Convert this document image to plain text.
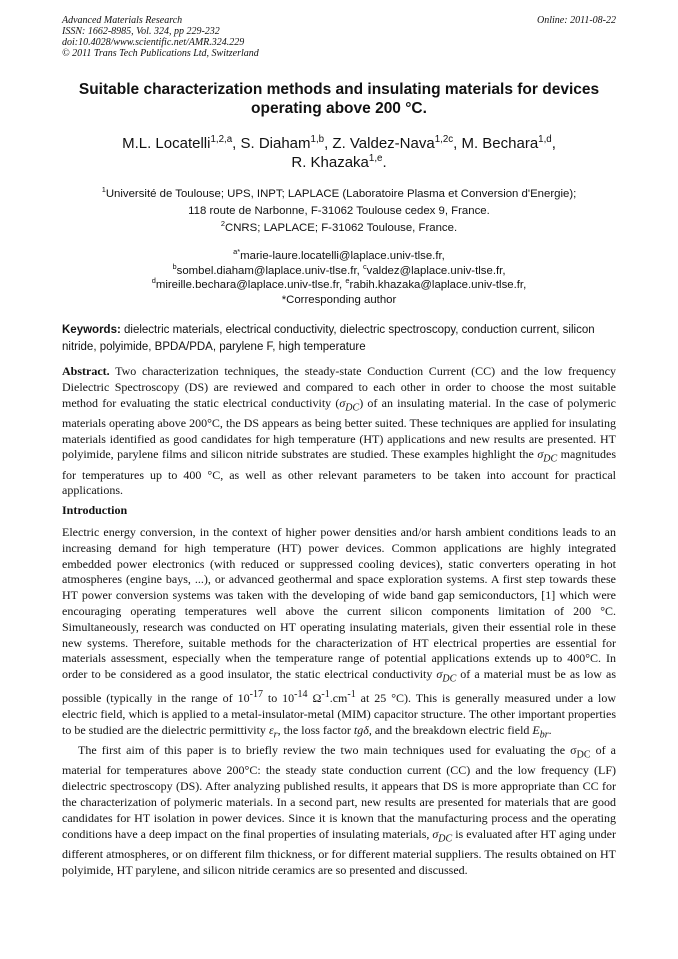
Advanced Materials Research
ISSN: 1662-8985, Vol. 324, pp 229-232
doi:10.4028/www.scientific.net/AMR.324.229
© 2011 Trans Tech Publications Ltd, Switzerland
Online: 2011-08-22
Suitable characterization methods and insulating materials for devices
operating above 200 °C.
M.L. Locatelli$^{1,2,a}$, S. Diaham$^{1,b}$, Z. Valdez-Nava$^{1,2c}$, M. Bechara$^{1,d}$,
R. Khazaka$^{1,e}$.
$^1$Université de Toulouse; UPS, INPT; LAPLACE (Laboratoire Plasma et Conversion d'Energie);
118 route de Narbonne, F-31062 Toulouse cedex 9, France.
$^2$CNRS; LAPLACE; F-31062 Toulouse, France.
$^{a*}$marie-laure.locatelli@laplace.univ-tlse.fr,
$^b$sombel.diaham@laplace.univ-tlse.fr, $^c$valdez@laplace.univ-tlse.fr,
$^d$mireille.bechara@laplace.univ-tlse.fr, $^e$rabih.khazaka@laplace.univ-tlse.fr,
*Corresponding author
Keywords: dielectric materials, electrical conductivity, dielectric spectroscopy, conduction current, silicon nitride, polyimide, BPDA/PDA, parylene F, high temperature
Abstract. Two characterization techniques, the steady-state Conduction Current (CC) and the low frequency Dielectric Spectroscopy (DS) are reviewed and compared to each other in order to choose the most suitable method for evaluating the static electrical conductivity $(\sigma_{DC})$ of an insulating material. In the case of polymeric materials operating above 200°C, the DS appears as being better suited. These techniques are applied for insulating materials identified as good candidates for high temperature (HT) applications and new results are presented. HT polyimide, parylene films and silicon nitride substrates are studied. These examples highlight the $\sigma_{DC}$ magnitudes for temperatures up to 400 °C, as well as other relevant parameters to be taken into account for practical applications.
Introduction

Electric energy conversion, in the context of higher power densities and/or harsh ambient conditions leads to an increasing demand for high temperature (HT) power devices. Common applications are highly integrated embedded power electronics (with reduced or suppressed cooling devices), static converters operating in hot atmospheres (engine bays, ...), or advanced geothermal and space exploration systems. A first step towards these HT power conversion systems was taken with the developing of wide band gap semiconductors, [1] which were encouraging operating temperatures well above the current silicon components limitation of 200 °C. Simultaneously, research was conducted on HT operating insulating materials, given their essential role in these new systems. Therefore, suitable methods for the characterization of HT electrical properties are essential for materials assessment, especially when the temperature range of potential applications extends up to 400°C. In order to be considered as a good insulator, the static electrical conductivity $\sigma_{DC}$ of a material must be as low as possible (typically in the range of $10^{-17}$ to $10^{-14}$ $\Omega^{-1}.cm^{-1}$ at 25 °C). This is generally measured under a low electric field, which is applied to a metal-insulator-metal (MIM) capacitor structure. The other important properties to be studied are the dielectric permittivity $\varepsilon_r$, the loss factor tgδ, and the breakdown electric field $E_{br}$.

The first aim of this paper is to briefly review the two main techniques used for evaluating the $\sigma_{DC}$ of a material for temperatures above 200°C: the steady state conduction current (CC) and the low frequency (LF) dielectric spectroscopy (DS). After analyzing published results, it appears that DS is more appropriate than CC for the characterization of polymeric materials. In a second part, new results are presented for materials that are good candidates for HT isolation in power devices. Since it is known that the manufacturing process and the operating conditions have a deep impact on the final properties of insulating materials, $\sigma_{DC}$ is evaluated after HT aging under different atmospheres, or on different film thickness, or for different material suppliers. The results obtained on HT polyimide, HT parylene, and silicon nitride ceramics are so presented and discussed.
